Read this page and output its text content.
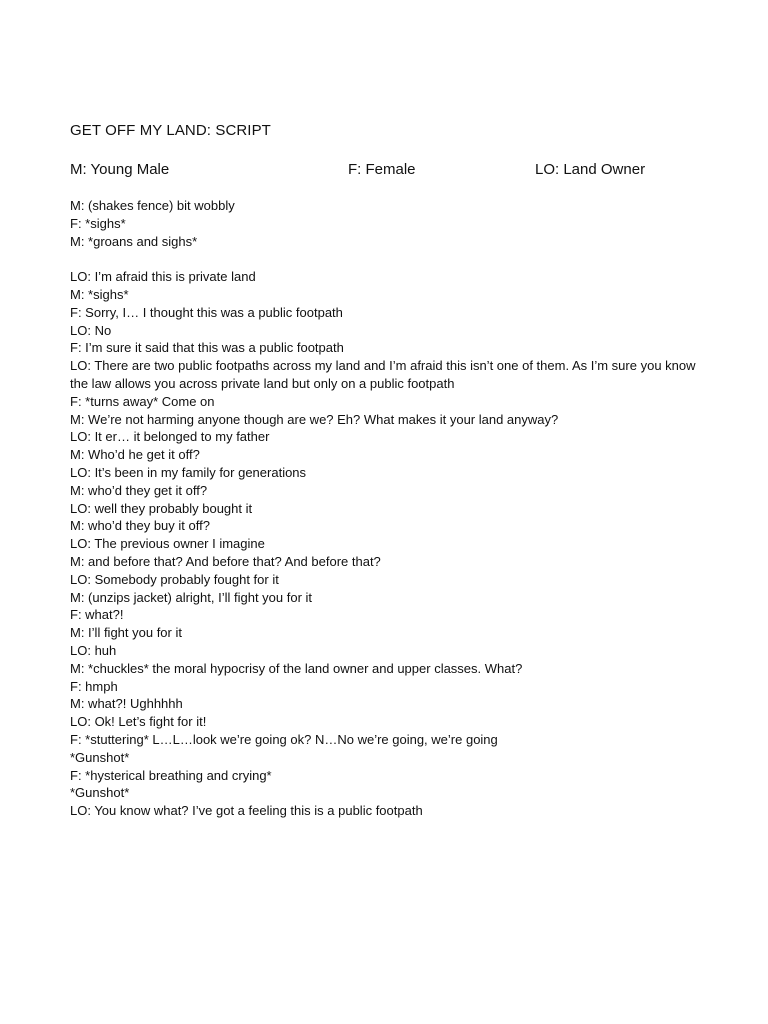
GET OFF MY LAND: SCRIPT
M: Young Male	F: Female	LO: Land Owner

M: (shakes fence) bit wobbly

F: *sighs*

M: *groans and sighs*

LO: I’m afraid this is private land

M: *sighs*

F: Sorry, I… I thought this was a public footpath

LO: No

F: I’m sure it said that this was a public footpath

LO: There are two public footpaths across my land and I’m afraid this isn’t one of them. As I’m sure you know the law allows you across private land but only on a public footpath

F: *turns away* Come on

M: We’re not harming anyone though are we? Eh? What makes it your land anyway?

LO: It er… it belonged to my father

M: Who’d he get it off?

LO: It’s been in my family for generations

M: who’d they get it off?

LO: well they probably bought it

M: who’d they buy it off?

LO: The previous owner I imagine

M: and before that? And before that? And before that?

LO: Somebody probably fought for it

M: (unzips jacket) alright, I’ll fight you for it

F: what?!

M: I’ll fight you for it

LO: huh

M: *chuckles* the moral hypocrisy of the land owner and upper classes. What?

F: hmph

M: what?! Ughhhhh

LO: Ok! Let’s fight for it!

F: *stuttering* L…L…look we’re going ok? N…No we’re going, we’re going

*Gunshot*

F: *hysterical breathing and crying*

*Gunshot*

LO: You know what? I’ve got a feeling this is a public footpath
